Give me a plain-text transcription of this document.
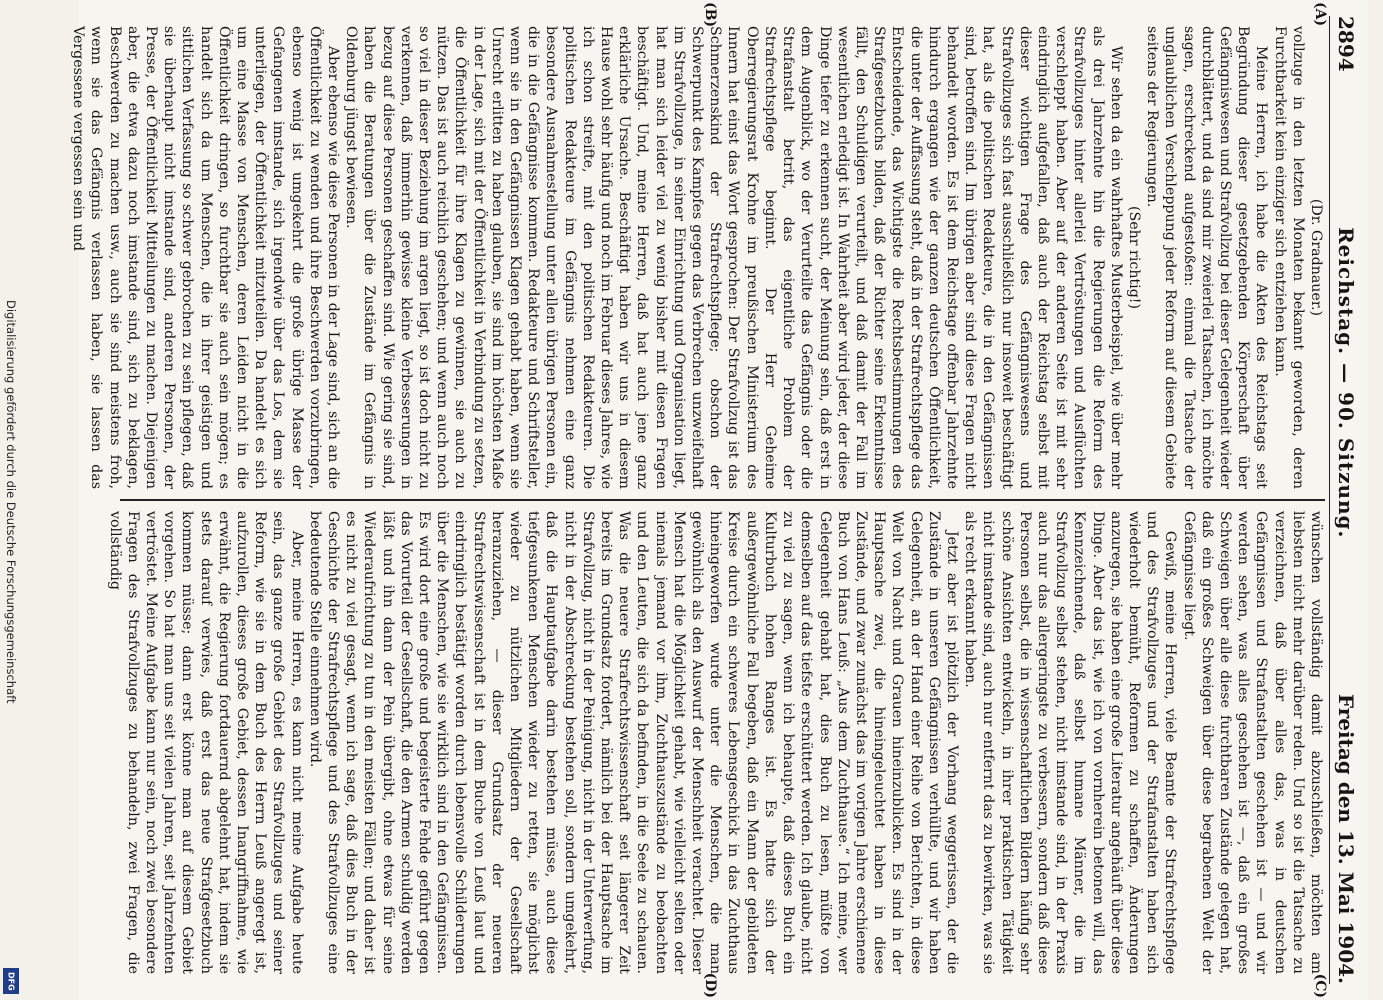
2894
Reichstag. — 90. Sitzung.
Freitag den 13. Mai 1904.

(Dr. Gradnauer.)

vollzuge in den letzten Monaten bekannt geworden, deren Furchtbarkeit kein einziger sich entziehen kann.

Meine Herren, ich habe die Akten des Reichstags seit Begründung dieser gesetzgebenden Körperschaft über Gefängniswesen und Strafvollzug bei dieser Gelegenheit wieder durchblättert, und da sind mir zweierlei Tatsachen, ich möchte sagen, erschreckend aufgestoßen: einmal die Tatsache der unglaublichen Verschleppung jeder Reform auf diesem Gebiete seitens der Regierungen.

(Sehr richtig!)

Wir sehen da ein wahrhaftes Musterbeispiel, wie über mehr als drei Jahrzehnte hin die Regierungen die Reform des Strafvollzuges hinter allerlei Vertröstungen und Ausflüchten verschleppt haben. Aber auf der anderen Seite ist mit sehr eindringlich aufgefallen, daß auch der Reichstag selbst mit dieser wichtigen Frage des Gefängniswesens und Strafvollzuges sich fast ausschließlich nur insoweit beschäftigt hat, als die politischen Redakteure, die in den Gefängnissen sind, betroffen sind. Im übrigen aber sind diese Fragen nicht behandelt worden. Es ist dem Reichstage offenbar Jahrzehnte hindurch ergangen wie der ganzen deutschen Öffentlichkeit, die unter der Auffassung steht, daß in der Strafrechtspflege das Entscheidende, das Wichtigste die Rechtsbestimmungen des Strafgesetzbuchs bilden, daß der Richter seine Erkenntnisse fällt, den Schuldigen verurteilt, und daß damit der Fall im wesentlichen erledigt ist. In Wahrheit aber wird jeder, der diese Dinge tiefer zu erkennen sucht, der Meinung sein, daß erst in dem Augenblick, wo der Verurteilte das Gefängnis oder die Strafanstalt betritt, das eigentliche Problem der Strafrechtspflege beginnt. Der Herr Geheime Oberregierungsrat Krohne im preußischen Ministerium des Innern hat einst das Wort gesprochen: Der Strafvollzug ist das Schmerzenskind der Strafrechtspflege; obschon der Schwerpunkt des Kampfes gegen das Verbrechen unzweifelhaft im Strafvollzuge, in seiner Einrichtung und Organisation liegt, hat man sich leider viel zu wenig bisher mit diesen Fragen beschäftigt. Und, meine Herren, daß hat auch jene ganz erklärliche Ursache. Beschäftigt haben wir uns in diesem Hause wohl sehr häufig und noch im Februar dieses Jahres, wie ich schon streifte, mit den politischen Redakteuren. Die politischen Redakteure im Gefängnis nehmen eine ganz besondere Ausnahmestellung unter allen übrigen Personen ein, die in die Gefängnisse kommen. Redakteure und Schriftsteller, wenn sie in den Gefängnissen Klagen gehabt haben, wenn sie Unrecht erlitten zu haben glauben, sie sind im höchsten Maße in der Lage, sich mit der Öffentlichkeit in Verbindung zu setzen, die Öffentlichkeit für ihre Klagen zu gewinnen, sie auch zu nützen. Das ist auch reichlich geschehen; und wenn auch noch so viel in dieser Beziehung im argen liegt, so ist doch nicht zu verkennen, daß immerhin gewisse kleine Verbesserungen in bezug auf diese Personen geschaffen sind. Wie gering sie sind, haben die Beratungen über die Zustände im Gefängnis in Oldenburg jüngst bewiesen.

Aber ebenso wie diese Personen in der Lage sind, sich an die Öffentlichkeit zu wenden und ihre Beschwerden vorzubringen, ebenso wenig ist umgekehrt die große übrige Masse der Gefangenen imstande, sich irgendwie über das Los, dem sie unterliegen, der Öffentlichkeit mitzuteilen. Da handelt es sich um eine Masse von Menschen, deren Leiden nicht in die Öffentlichkeit dringen, so furchtbar sie auch sein mögen; es handelt sich da um Menschen, die in ihrer geistigen und sittlichen Verfassung so schwer gebrochen zu sein pflegen, daß sie überhaupt nicht imstande sind, anderen Personen, der Presse, der Öffentlichkeit Mitteilungen zu machen. Diejenigen aber, die etwa dazu noch imstande sind, sich zu beklagen, Beschwerden zu machen usw., auch sie sind meistens froh, wenn sie das Gefängnis verlassen haben, sie lassen das Vergessene vergessen sein und

wünschen vollständig damit abzuschließen, möchten am liebsten nicht mehr darüber reden. Und so ist die Tatsache zu verzeichnen, daß über alles das, was in deutschen Gefängnissen und Strafanstalten geschehen ist — und wir werden sehen, was alles geschehen ist —, daß ein großes Schweigen über alle diese furchtbaren Zustände gelegen hat, daß ein großes Schweigen über diese begrabenen Welt der Gefängnisse liegt.

Gewiß, meine Herren, viele Beamte der Strafrechtspflege und des Strafvollzuges und der Strafanstalten haben sich wiederholt bemüht, Reformen zu schaffen, Änderungen anzuregen, sie haben eine große Literatur angehäuft über diese Dinge. Aber das ist, wie ich von vornherein betonen will, das Kennzeichnende, daß selbst humane Männer, die im Strafvollzug selbst stehen, nicht imstande sind, in der Praxis auch nur das allergeringste zu verbessern, sondern daß diese Personen selbst, die in wissenschaftlichen Bildern häufig sehr schöne Ansichten entwickeln, in ihrer praktischen Tätigkeit nicht imstande sind, auch nur entfernt das zu bewirken, was sie als recht erkannt haben.

Jetzt aber ist plötzlich der Vorhang weggerissen, der die Zustände in unseren Gefängnissen verhüllte, und wir haben Gelegenheit, an der Hand einer Reihe von Berichten, in diese Welt von Nacht und Grauen hineinzublicken. Es sind in der Hauptsache zwei, die hineingeleuchtet haben in diese Zustände, und zwar zunächst das im vorigen Jahre erschienene Buch von Hans Leuß: „Aus dem Zuchthause.“ Ich meine, wer Gelegenheit gehabt hat, dies Buch zu lesen, müßte von demselben auf das tiefste erschüttert werden. Ich glaube, nicht zu viel zu sagen, wenn ich behaupte, daß dieses Buch ein Kulturbuch hohen Ranges ist. Es hatte sich der außergewöhnliche Fall begeben, daß ein Mann der gebildeten Kreise durch ein schweres Lebensgeschick in das Zuchthaus hineingeworfen wurde unter die Menschen, die man gewöhnlich als den Auswurf der Menschheit verachtet. Dieser Mensch hat die Möglichkeit gehabt, wie vielleicht selten oder niemals jemand vor ihm, Zuchthauszustände zu beobachten und den Leuten, die sich da befinden, in die Seele zu schauen. Was die neuere Strafrechtswissenschaft seit längerer Zeit bereits im Grundsatz fordert, nämlich bei der Hauptsache im Strafvollzug, nicht in der Peinigung, nicht in der Unterwerfung, nicht in der Abschreckung bestehen soll, sondern umgekehrt, daß die Hauptaufgabe darin bestehen müsse, auch diese tiefgesunkenen Menschen wieder zu retten, sie möglichst wieder zu nützlichen Mitgliedern der Gesellschaft heranzuziehen, — dieser Grundsatz der neueren Strafrechtswissenschaft ist in dem Buche von Leuß laut und eindringlich bestätigt worden durch lebensvolle Schilderungen über die Menschen, wie sie wirklich sind in den Gefängnissen. Es wird dort eine große und begeisterte Fehde geführt gegen das Vorurteil der Gesellschaft, die den Armen schuldig werden läßt und ihn dann der Pein übergibt, ohne etwas für seine Wiederaufrichtung zu tun in den meisten Fällen; und daher ist es nicht zu viel gesagt, wenn ich sage, daß dies Buch in der Geschichte der Strafrechtspflege und des Strafvollzuges eine bedeutende Stelle einnehmen wird.

Aber, meine Herren, es kann nicht meine Aufgabe heute sein, das ganze große Gebiet des Strafvollzuges und seiner Reform, wie sie in dem Buch des Herrn Leuß angeregt ist, aufzurollen, dieses große Gebiet, dessen Inangriffnahme, wie erwähnt, die Regierung fortdauernd abgelehnt hat, indem sie stets darauf verwies, daß erst das neue Strafgesetzbuch kommen müsse; dann erst könne man auf diesem Gebiet vorgehen. So hat man uns seit vielen Jahren, seit Jahrzehnten vertröstet. Meine Aufgabe kann nur sein, noch zwei besondere Fragen des Strafvollzuges zu behandeln, zwei Fragen, die vollständig

(A)
(B)
(C)
(D)
Digitalisierung gefördert durch die Deutsche Forschungsgemeinschaft
DFG
